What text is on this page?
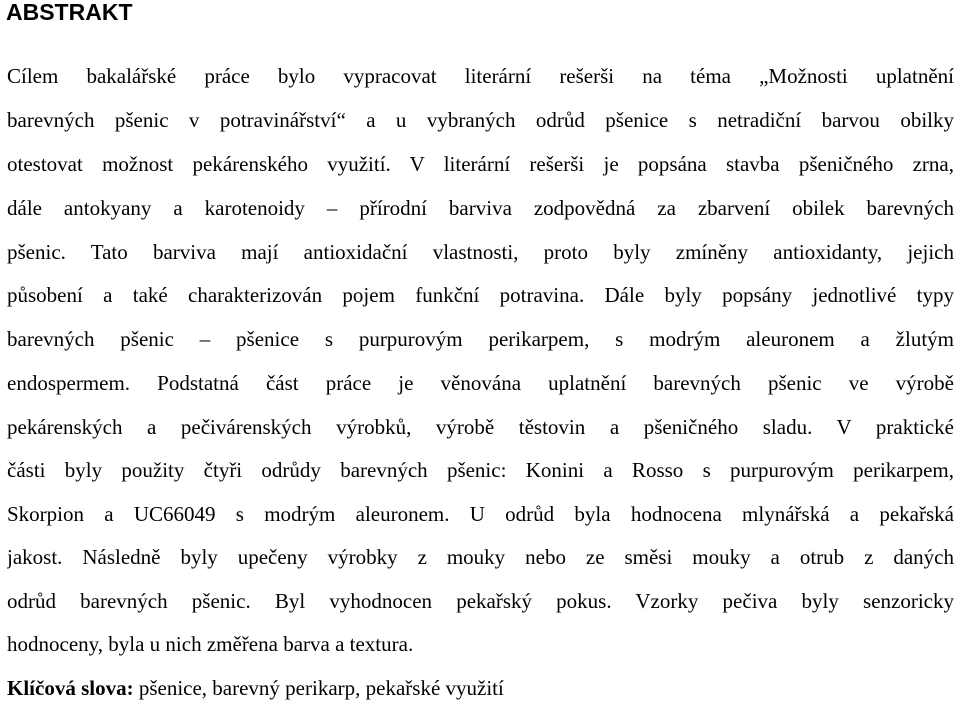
ABSTRAKT
Cílem bakalářské práce bylo vypracovat literární rešerši na téma „Možnosti uplatnění
barevných pšenic v potravinářství“ a u vybraných odrůd pšenice s netradiční barvou obilky
otestovat možnost pekárenského využití. V literární rešerši je popsána stavba pšeničného zrna,
dále antokyany a karotenoidy – přírodní barviva zodpovědná za zbarvení obilek barevných
pšenic. Tato barviva mají antioxidační vlastnosti, proto byly zmíněny antioxidanty, jejich
působení a také charakterizován pojem funkční potravina. Dále byly popsány jednotlivé typy
barevných pšenic – pšenice s purpurovým perikarpem, s modrým aleuronem a žlutým
endospermem. Podstatná část práce je věnována uplatnění barevných pšenic ve výrobě
pekárenských a pečivárenských výrobků, výrobě těstovin a pšeničného sladu. V praktické
části byly použity čtyři odrůdy barevných pšenic: Konini a Rosso s purpurovým perikarpem,
Skorpion a UC66049 s modrým aleuronem. U odrůd byla hodnocena mlynářská a pekařská
jakost. Následně byly upečeny výrobky z mouky nebo ze směsi mouky a otrub z daných
odrůd barevných pšenic. Byl vyhodnocen pekařský pokus. Vzorky pečiva byly senzoricky
hodnoceny, byla u nich změřena barva a textura.
Klíčová slova: pšenice, barevný perikarp, pekařské využití
